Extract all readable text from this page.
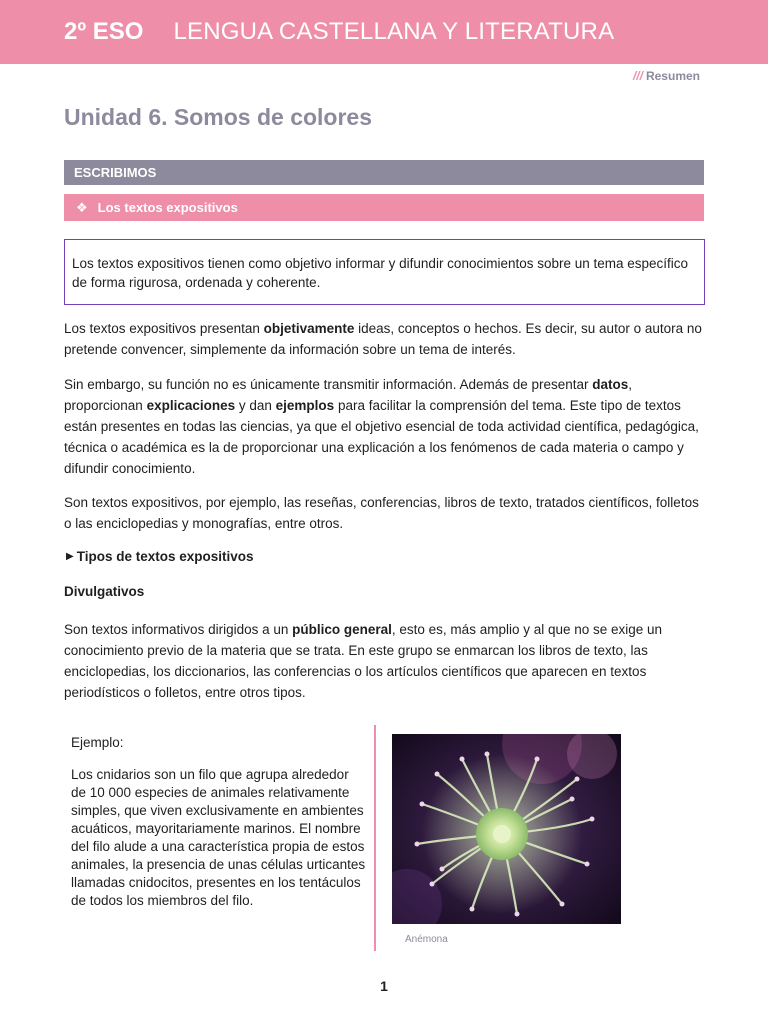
2º ESO LENGUA CASTELLANA Y LITERATURA
/// Resumen
Unidad 6. Somos de colores
ESCRIBIMOS
❖ Los textos expositivos
Los textos expositivos tienen como objetivo informar y difundir conocimientos sobre un tema específico de forma rigurosa, ordenada y coherente.

Los textos expositivos presentan objetivamente ideas, conceptos o hechos. Es decir, su autor o autora no pretende convencer, simplemente da información sobre un tema de interés.

Sin embargo, su función no es únicamente transmitir información. Además de presentar datos, proporcionan explicaciones y dan ejemplos para facilitar la comprensión del tema. Este tipo de textos están presentes en todas las ciencias, ya que el objetivo esencial de toda actividad científica, pedagógica, técnica o académica es la de proporcionar una explicación a los fenómenos de cada materia o campo y difundir conocimiento.

Son textos expositivos, por ejemplo, las reseñas, conferencias, libros de texto, tratados científicos, folletos o las enciclopedias y monografías, entre otros.

▶ Tipos de textos expositivos
Divulgativos

Son textos informativos dirigidos a un público general, esto es, más amplio y al que no se exige un conocimiento previo de la materia que se trata. En este grupo se enmarcan los libros de texto, las enciclopedias, los diccionarios, las conferencias o los artículos científicos que aparecen en textos periodísticos o folletos, entre otros tipos.

Ejemplo:
Los cnidarios son un filo que agrupa alrededor de 10 000 especies de animales relativamente simples, que viven exclusivamente en ambientes acuáticos, mayoritariamente marinos. El nombre del filo alude a una característica propia de estos animales, la presencia de unas células urticantes llamadas cnidocitos, presentes en los tentáculos de todos los miembros del filo.
Anémona
1
